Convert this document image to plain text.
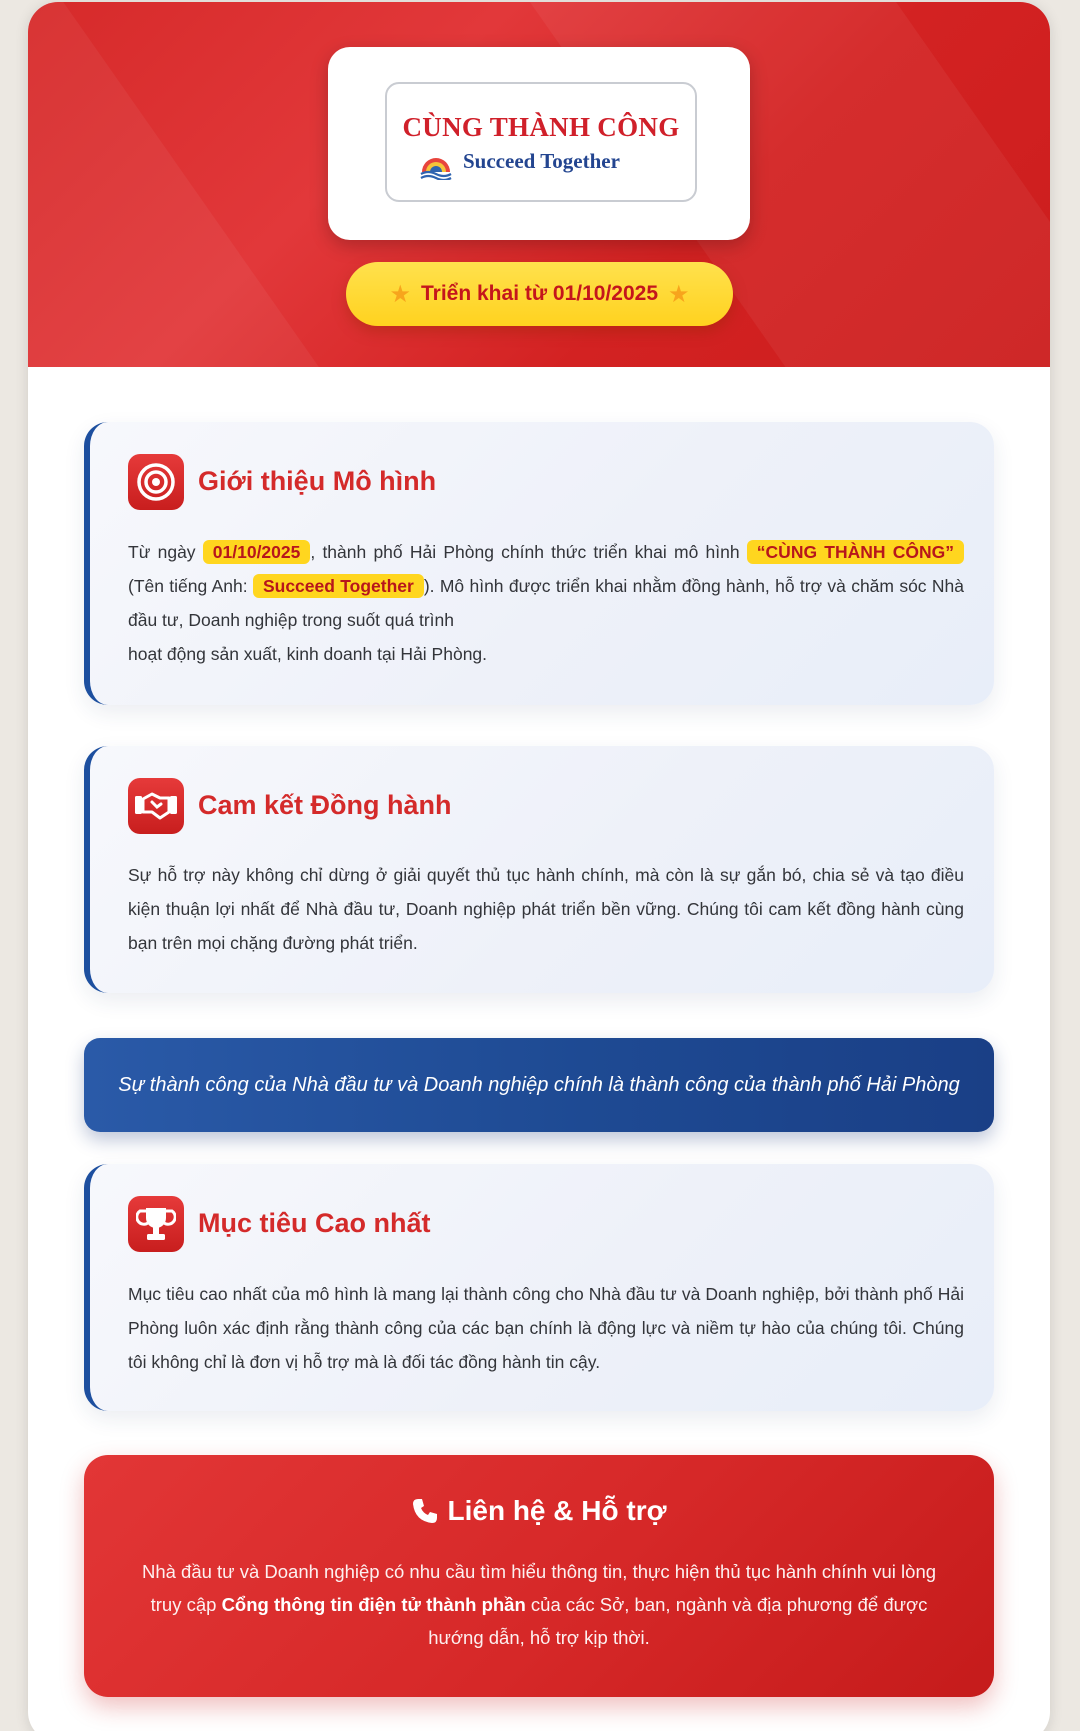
CÙNG THÀNH CÔNG
Succeed Together
★ Triển khai từ 01/10/2025 ★
Giới thiệu Mô hình
Từ ngày 01/10/2025 , thành phố Hải Phòng chính thức triển khai mô hình “CÙNG THÀNH CÔNG” (Tên tiếng Anh: Succeed Together ). Mô hình được triển khai nhằm đồng hành, hỗ trợ và chăm sóc Nhà đầu tư, Doanh nghiệp trong suốt quá trình
hoạt động sản xuất, kinh doanh tại Hải Phòng.
Cam kết Đồng hành
Sự hỗ trợ này không chỉ dừng ở giải quyết thủ tục hành chính, mà còn là sự gắn bó, chia sẻ và tạo điều kiện thuận lợi nhất để Nhà đầu tư, Doanh nghiệp phát triển bền vững. Chúng tôi cam kết đồng hành cùng bạn trên mọi chặng đường phát triển.
Sự thành công của Nhà đầu tư và Doanh nghiệp chính là thành công của thành phố Hải Phòng
Mục tiêu Cao nhất
Mục tiêu cao nhất của mô hình là mang lại thành công cho Nhà đầu tư và Doanh nghiệp, bởi thành phố Hải Phòng luôn xác định rằng thành công của các bạn chính là động lực và niềm tự hào của chúng tôi. Chúng tôi không chỉ là đơn vị hỗ trợ mà là đối tác đồng hành tin cậy.
Liên hệ & Hỗ trợ
Nhà đầu tư và Doanh nghiệp có nhu cầu tìm hiểu thông tin, thực hiện thủ tục hành chính vui lòng truy cập Cổng thông tin điện tử thành phần của các Sở, ban, ngành và địa phương để được hướng dẫn, hỗ trợ kịp thời.
